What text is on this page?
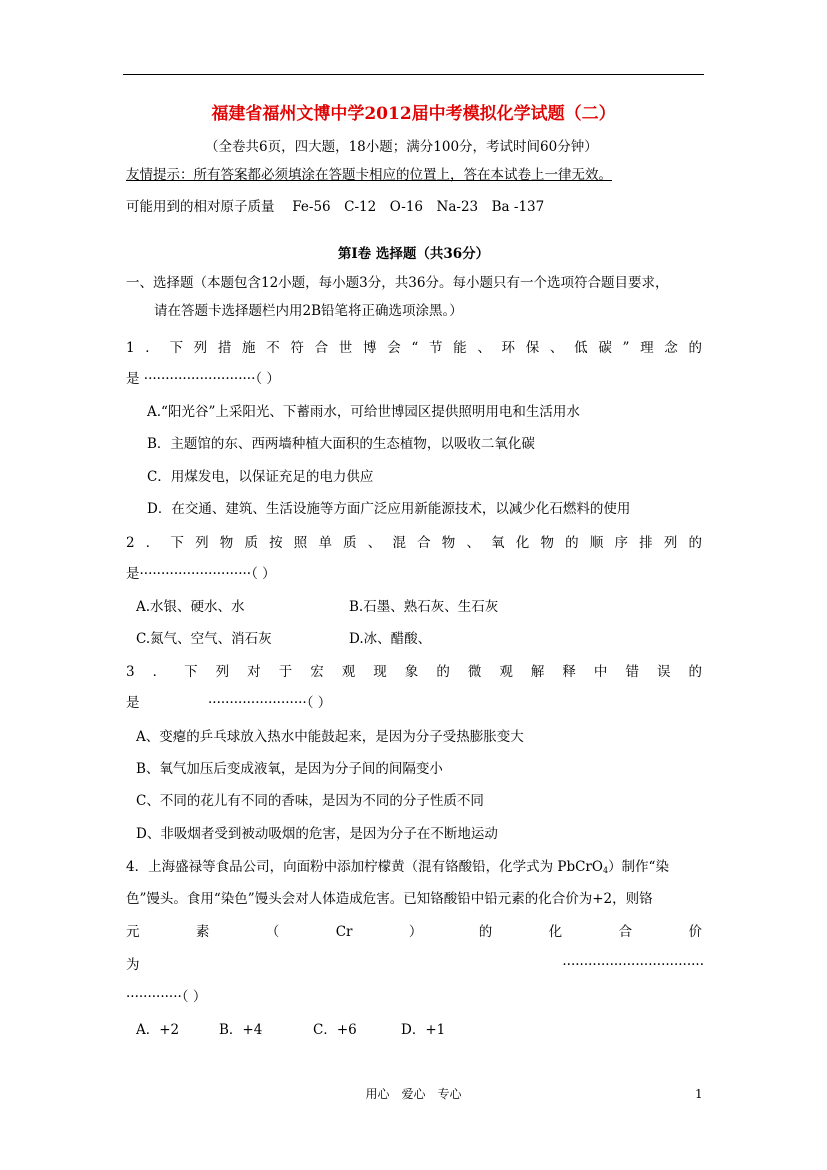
福建省福州文博中学2012届中考模拟化学试题（二）
（全卷共6页，四大题，18小题；满分100分，考试时间60分钟）
友情提示：所有答案都必须填涂在答题卡相应的位置上，答在本试卷上一律无效。
可能用到的相对原子质量　 Fe-56　C-12　O-16　Na-23　Ba -137
第Ⅰ卷 选择题（共36分）
一、选择题（本题包含12小题，每小题3分，共36分。每小题只有一个选项符合题目要求，
请在答题卡选择题栏内用2B铅笔将正确选项涂黑。）
1．下列措施不符合世博会“节能、环保、低碳”理念的
是 ··························（ ）
A.“阳光谷”上采阳光、下蓄雨水，可给世博园区提供照明用电和生活用水
B．主题馆的东、西两墙种植大面积的生态植物，以吸收二氧化碳
C．用煤发电，以保证充足的电力供应
D．在交通、建筑、生活设施等方面广泛应用新能源技术，以减少化石燃料的使用
2．下列物质按照单质、混合物、氧化物的顺序排列的
是··························（ ）
A.水银、硬水、水	B.石墨、熟石灰、生石灰
C.氮气、空气、消石灰	D.冰、醋酸、
3．下列对于宏观现象的微观解释中错误的
是	·······················（ ）
A、变瘪的乒乓球放入热水中能鼓起来，是因为分子受热膨胀变大
B、氧气加压后变成液氧，是因为分子间的间隔变小
C、不同的花儿有不同的香味，是因为不同的分子性质不同
D、非吸烟者受到被动吸烟的危害，是因为分子在不断地运动
4．上海盛禄等食品公司，向面粉中添加柠檬黄（混有铬酸铅，化学式为 PbCrO$_4$）制作“染
色”馒头。食用“染色”馒头会对人体造成危害。已知铬酸铅中铅元素的化合价为+2，则铬
元素（Cr）的化合价
为·································
·············（ ）
A．+2	B．+4	C．+6	D．+1
用心　爱心　专心	1
